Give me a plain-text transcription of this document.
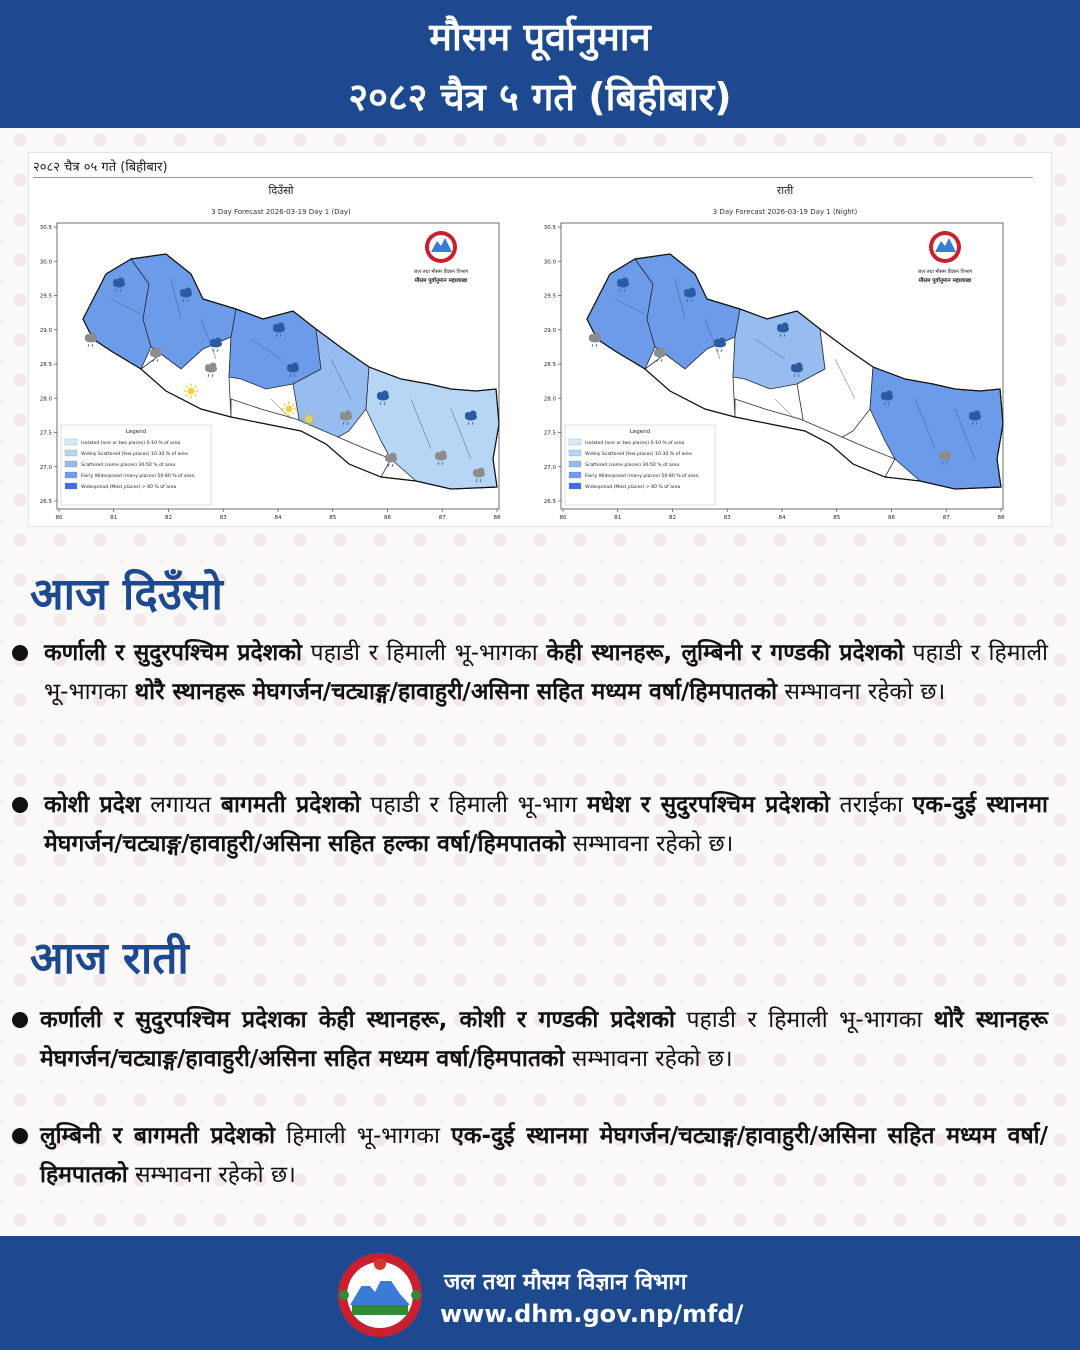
मौसम पूर्वानुमान
२०८२ चैत्र ५ गते (बिहीबार)
२०८२ चैत्र ०५ गते (बिहीबार)
दिउँसो
3 Day Forecast 2026-03-19 Day 1 (Day)
80	81	82	83	84	85	86	87	88
30.5
30.0
29.5
29.0
28.5
28.0
27.5
27.0
26.5
जल तथा मौसम विज्ञान विभाग
मौसम पूर्वानुमान महाशाखा
Legend
Isolated (one or two places) 0-10 % of area
Widely Scattered (few places) 10-30 % of area
Scattered (some places) 30-50 % of area
Fairly Widespread (many places) 50-80 % of area
Widespread (Most places) > 80 % of area
राती
3 Day Forecast 2026-03-19 Day 1 (Night)
80	81	82	83	84	85	86	87	88
30.5
30.0
29.5
29.0
28.5
28.0
27.5
27.0
26.5
जल तथा मौसम विज्ञान विभाग
मौसम पूर्वानुमान महाशाखा
Legend
Isolated (one or two places) 0-10 % of area
Widely Scattered (few places) 10-30 % of area
Scattered (some places) 30-50 % of area
Fairly Widespread (many places) 50-80 % of area
Widespread (Most places) > 80 % of area
आज दिउँसो
कर्णाली र सुदुरपश्चिम प्रदेशको पहाडी र हिमाली भू-भागका केही स्थानहरू, लुम्बिनी र गण्डकी प्रदेशको पहाडी र हिमाली भू-भागका थोरै स्थानहरू मेघगर्जन/चट्याङ्ग/हावाहुरी/असिना सहित मध्यम वर्षा/हिमपातको सम्भावना रहेको छ।
कोशी प्रदेश लगायत बागमती प्रदेशको पहाडी र हिमाली भू-भाग मधेश र सुदुरपश्चिम प्रदेशको तराईका एक-दुई स्थानमा मेघगर्जन/चट्याङ्ग/हावाहुरी/असिना सहित हल्का वर्षा/हिमपातको सम्भावना रहेको छ।
आज राती
कर्णाली र सुदुरपश्चिम प्रदेशका केही स्थानहरू, कोशी र गण्डकी प्रदेशको पहाडी र हिमाली भू-भागका थोरै स्थानहरू मेघगर्जन/चट्याङ्ग/हावाहुरी/असिना सहित मध्यम वर्षा/हिमपातको सम्भावना रहेको छ।
लुम्बिनी र बागमती प्रदेशको हिमाली भू-भागका एक-दुई स्थानमा मेघगर्जन/चट्याङ्ग/हावाहुरी/असिना सहित मध्यम वर्षा/हिमपातको सम्भावना रहेको छ।
जल तथा मौसम विज्ञान विभाग
www.dhm.gov.np/mfd/
